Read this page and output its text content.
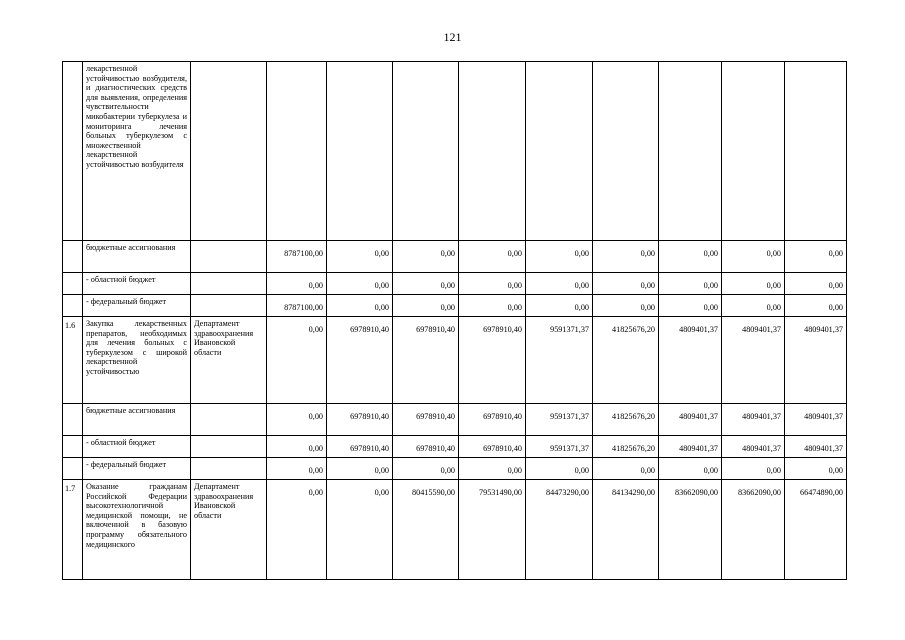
121
	лекарственной устойчивостью возбудителя, и диагностических средств для выявления, определения чувствительности микобактерии туберкулеза и мониторинга лечения больных туберкулезом с множественной лекарственной устойчивостью возбудителя										
	бюджетные ассигнования		8787100,00	0,00	0,00	0,00	0,00	0,00	0,00	0,00	0,00
	- областной бюджет		0,00	0,00	0,00	0,00	0,00	0,00	0,00	0,00	0,00
	- федеральный бюджет		8787100,00	0,00	0,00	0,00	0,00	0,00	0,00	0,00	0,00
1.6	Закупка лекарственных препаратов, необходимых для лечения больных с туберкулезом с широкой лекарственной устойчивостью	Департамент здравоохранения Ивановской области	0,00	6978910,40	6978910,40	6978910,40	9591371,37	41825676,20	4809401,37	4809401,37	4809401,37
	бюджетные ассигнования		0,00	6978910,40	6978910,40	6978910,40	9591371,37	41825676,20	4809401,37	4809401,37	4809401,37
	- областной бюджет		0,00	6978910,40	6978910,40	6978910,40	9591371,37	41825676,20	4809401,37	4809401,37	4809401,37
	- федеральный бюджет		0,00	0,00	0,00	0,00	0,00	0,00	0,00	0,00	0,00
1.7	Оказание гражданам Российской Федерации высокотехнологичной медицинской помощи, не включенной в базовую программу обязательного медицинского	Департамент здравоохранения Ивановской области	0,00	0,00	80415590,00	79531490,00	84473290,00	84134290,00	83662090,00	83662090,00	66474890,00
